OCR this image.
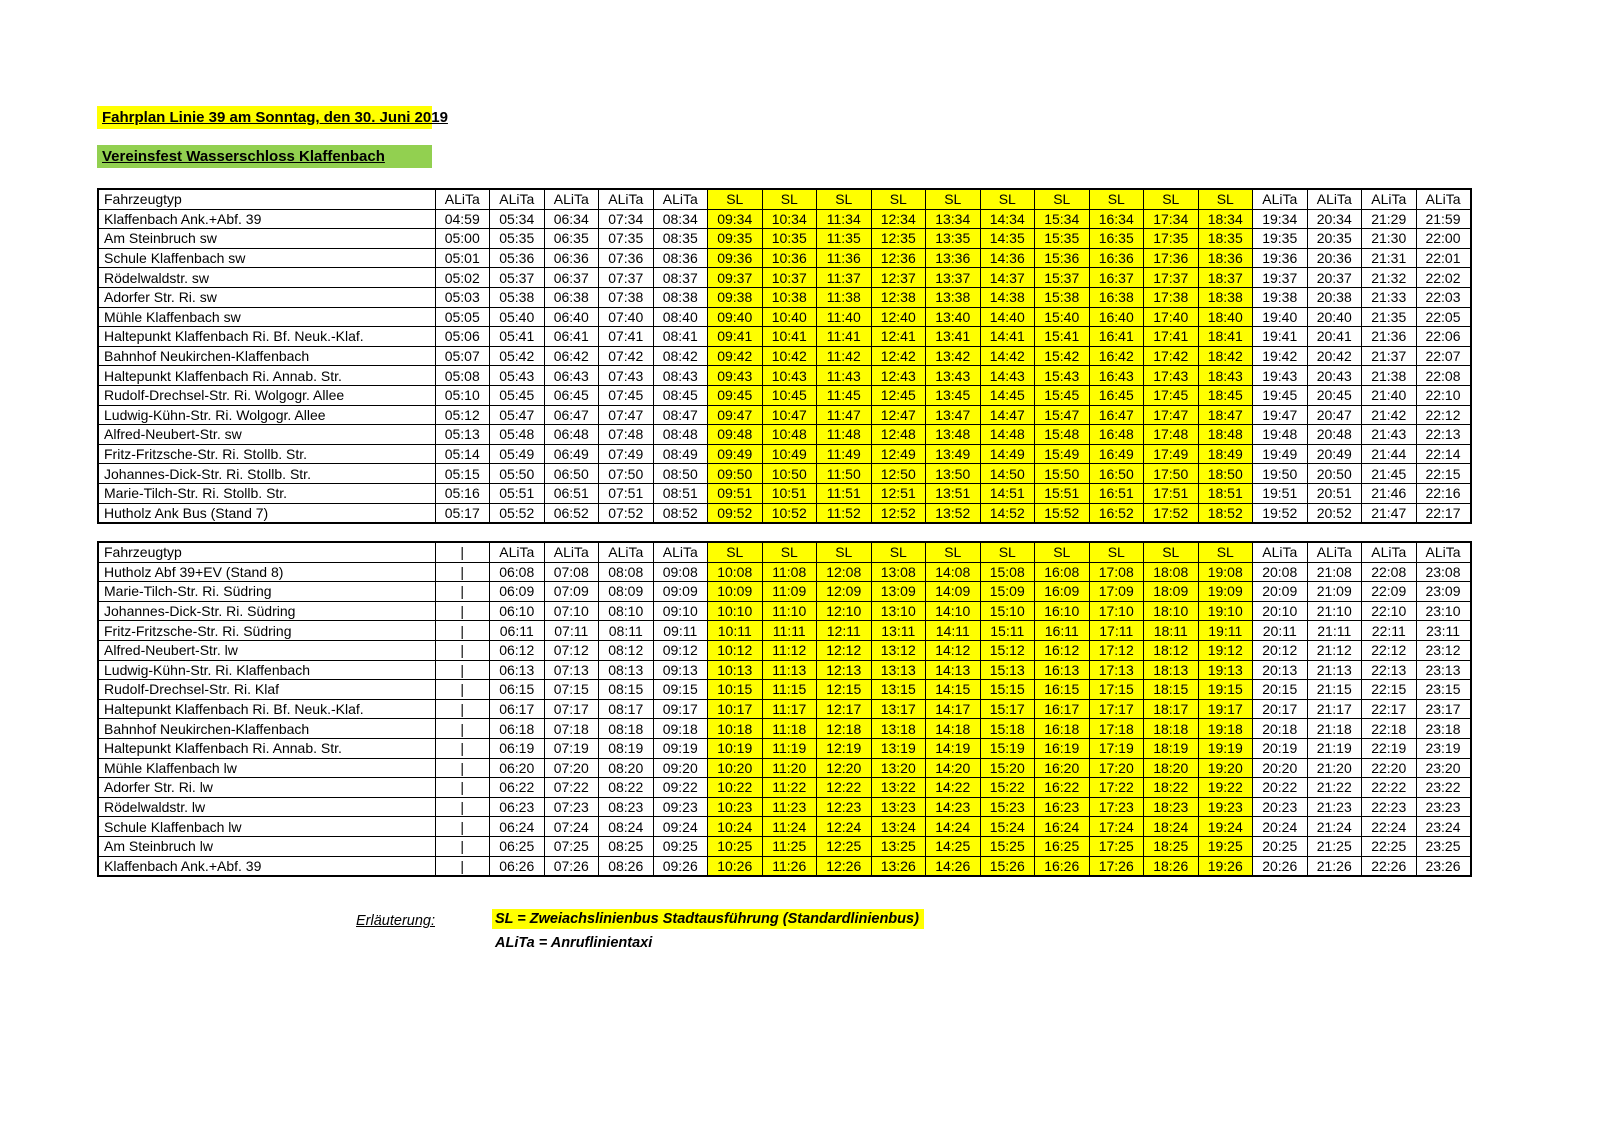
Fahrplan Linie 39 am Sonntag, den 30. Juni 2019
Vereinsfest Wasserschloss Klaffenbach
Fahrzeugtyp	ALiTa	ALiTa	ALiTa	ALiTa	ALiTa	SL	SL	SL	SL	SL	SL	SL	SL	SL	SL	ALiTa	ALiTa	ALiTa	ALiTa
Klaffenbach Ank.+Abf. 39	04:59	05:34	06:34	07:34	08:34	09:34	10:34	11:34	12:34	13:34	14:34	15:34	16:34	17:34	18:34	19:34	20:34	21:29	21:59
Am Steinbruch sw	05:00	05:35	06:35	07:35	08:35	09:35	10:35	11:35	12:35	13:35	14:35	15:35	16:35	17:35	18:35	19:35	20:35	21:30	22:00
Schule Klaffenbach sw	05:01	05:36	06:36	07:36	08:36	09:36	10:36	11:36	12:36	13:36	14:36	15:36	16:36	17:36	18:36	19:36	20:36	21:31	22:01
Rödelwaldstr. sw	05:02	05:37	06:37	07:37	08:37	09:37	10:37	11:37	12:37	13:37	14:37	15:37	16:37	17:37	18:37	19:37	20:37	21:32	22:02
Adorfer Str. Ri. sw	05:03	05:38	06:38	07:38	08:38	09:38	10:38	11:38	12:38	13:38	14:38	15:38	16:38	17:38	18:38	19:38	20:38	21:33	22:03
Mühle Klaffenbach sw	05:05	05:40	06:40	07:40	08:40	09:40	10:40	11:40	12:40	13:40	14:40	15:40	16:40	17:40	18:40	19:40	20:40	21:35	22:05
Haltepunkt Klaffenbach Ri. Bf. Neuk.-Klaf.	05:06	05:41	06:41	07:41	08:41	09:41	10:41	11:41	12:41	13:41	14:41	15:41	16:41	17:41	18:41	19:41	20:41	21:36	22:06
Bahnhof Neukirchen-Klaffenbach	05:07	05:42	06:42	07:42	08:42	09:42	10:42	11:42	12:42	13:42	14:42	15:42	16:42	17:42	18:42	19:42	20:42	21:37	22:07
Haltepunkt Klaffenbach Ri. Annab. Str.	05:08	05:43	06:43	07:43	08:43	09:43	10:43	11:43	12:43	13:43	14:43	15:43	16:43	17:43	18:43	19:43	20:43	21:38	22:08
Rudolf-Drechsel-Str. Ri. Wolgogr. Allee	05:10	05:45	06:45	07:45	08:45	09:45	10:45	11:45	12:45	13:45	14:45	15:45	16:45	17:45	18:45	19:45	20:45	21:40	22:10
Ludwig-Kühn-Str. Ri. Wolgogr. Allee	05:12	05:47	06:47	07:47	08:47	09:47	10:47	11:47	12:47	13:47	14:47	15:47	16:47	17:47	18:47	19:47	20:47	21:42	22:12
Alfred-Neubert-Str. sw	05:13	05:48	06:48	07:48	08:48	09:48	10:48	11:48	12:48	13:48	14:48	15:48	16:48	17:48	18:48	19:48	20:48	21:43	22:13
Fritz-Fritzsche-Str. Ri. Stollb. Str.	05:14	05:49	06:49	07:49	08:49	09:49	10:49	11:49	12:49	13:49	14:49	15:49	16:49	17:49	18:49	19:49	20:49	21:44	22:14
Johannes-Dick-Str. Ri. Stollb. Str.	05:15	05:50	06:50	07:50	08:50	09:50	10:50	11:50	12:50	13:50	14:50	15:50	16:50	17:50	18:50	19:50	20:50	21:45	22:15
Marie-Tilch-Str. Ri. Stollb. Str.	05:16	05:51	06:51	07:51	08:51	09:51	10:51	11:51	12:51	13:51	14:51	15:51	16:51	17:51	18:51	19:51	20:51	21:46	22:16
Hutholz Ank Bus (Stand 7)	05:17	05:52	06:52	07:52	08:52	09:52	10:52	11:52	12:52	13:52	14:52	15:52	16:52	17:52	18:52	19:52	20:52	21:47	22:17
Fahrzeugtyp	|	ALiTa	ALiTa	ALiTa	ALiTa	SL	SL	SL	SL	SL	SL	SL	SL	SL	SL	ALiTa	ALiTa	ALiTa	ALiTa
Hutholz Abf 39+EV (Stand 8)	|	06:08	07:08	08:08	09:08	10:08	11:08	12:08	13:08	14:08	15:08	16:08	17:08	18:08	19:08	20:08	21:08	22:08	23:08
Marie-Tilch-Str. Ri. Südring	|	06:09	07:09	08:09	09:09	10:09	11:09	12:09	13:09	14:09	15:09	16:09	17:09	18:09	19:09	20:09	21:09	22:09	23:09
Johannes-Dick-Str. Ri. Südring	|	06:10	07:10	08:10	09:10	10:10	11:10	12:10	13:10	14:10	15:10	16:10	17:10	18:10	19:10	20:10	21:10	22:10	23:10
Fritz-Fritzsche-Str. Ri. Südring	|	06:11	07:11	08:11	09:11	10:11	11:11	12:11	13:11	14:11	15:11	16:11	17:11	18:11	19:11	20:11	21:11	22:11	23:11
Alfred-Neubert-Str. lw	|	06:12	07:12	08:12	09:12	10:12	11:12	12:12	13:12	14:12	15:12	16:12	17:12	18:12	19:12	20:12	21:12	22:12	23:12
Ludwig-Kühn-Str. Ri. Klaffenbach	|	06:13	07:13	08:13	09:13	10:13	11:13	12:13	13:13	14:13	15:13	16:13	17:13	18:13	19:13	20:13	21:13	22:13	23:13
Rudolf-Drechsel-Str. Ri. Klaf	|	06:15	07:15	08:15	09:15	10:15	11:15	12:15	13:15	14:15	15:15	16:15	17:15	18:15	19:15	20:15	21:15	22:15	23:15
Haltepunkt Klaffenbach Ri. Bf. Neuk.-Klaf.	|	06:17	07:17	08:17	09:17	10:17	11:17	12:17	13:17	14:17	15:17	16:17	17:17	18:17	19:17	20:17	21:17	22:17	23:17
Bahnhof Neukirchen-Klaffenbach	|	06:18	07:18	08:18	09:18	10:18	11:18	12:18	13:18	14:18	15:18	16:18	17:18	18:18	19:18	20:18	21:18	22:18	23:18
Haltepunkt Klaffenbach Ri. Annab. Str.	|	06:19	07:19	08:19	09:19	10:19	11:19	12:19	13:19	14:19	15:19	16:19	17:19	18:19	19:19	20:19	21:19	22:19	23:19
Mühle Klaffenbach lw	|	06:20	07:20	08:20	09:20	10:20	11:20	12:20	13:20	14:20	15:20	16:20	17:20	18:20	19:20	20:20	21:20	22:20	23:20
Adorfer Str. Ri. lw	|	06:22	07:22	08:22	09:22	10:22	11:22	12:22	13:22	14:22	15:22	16:22	17:22	18:22	19:22	20:22	21:22	22:22	23:22
Rödelwaldstr. lw	|	06:23	07:23	08:23	09:23	10:23	11:23	12:23	13:23	14:23	15:23	16:23	17:23	18:23	19:23	20:23	21:23	22:23	23:23
Schule Klaffenbach lw	|	06:24	07:24	08:24	09:24	10:24	11:24	12:24	13:24	14:24	15:24	16:24	17:24	18:24	19:24	20:24	21:24	22:24	23:24
Am Steinbruch lw	|	06:25	07:25	08:25	09:25	10:25	11:25	12:25	13:25	14:25	15:25	16:25	17:25	18:25	19:25	20:25	21:25	22:25	23:25
Klaffenbach Ank.+Abf. 39	|	06:26	07:26	08:26	09:26	10:26	11:26	12:26	13:26	14:26	15:26	16:26	17:26	18:26	19:26	20:26	21:26	22:26	23:26
Erläuterung:	SL = Zweiachslinienbus Stadtausführung (Standardlinienbus)
ALiTa = Anruflinientaxi
